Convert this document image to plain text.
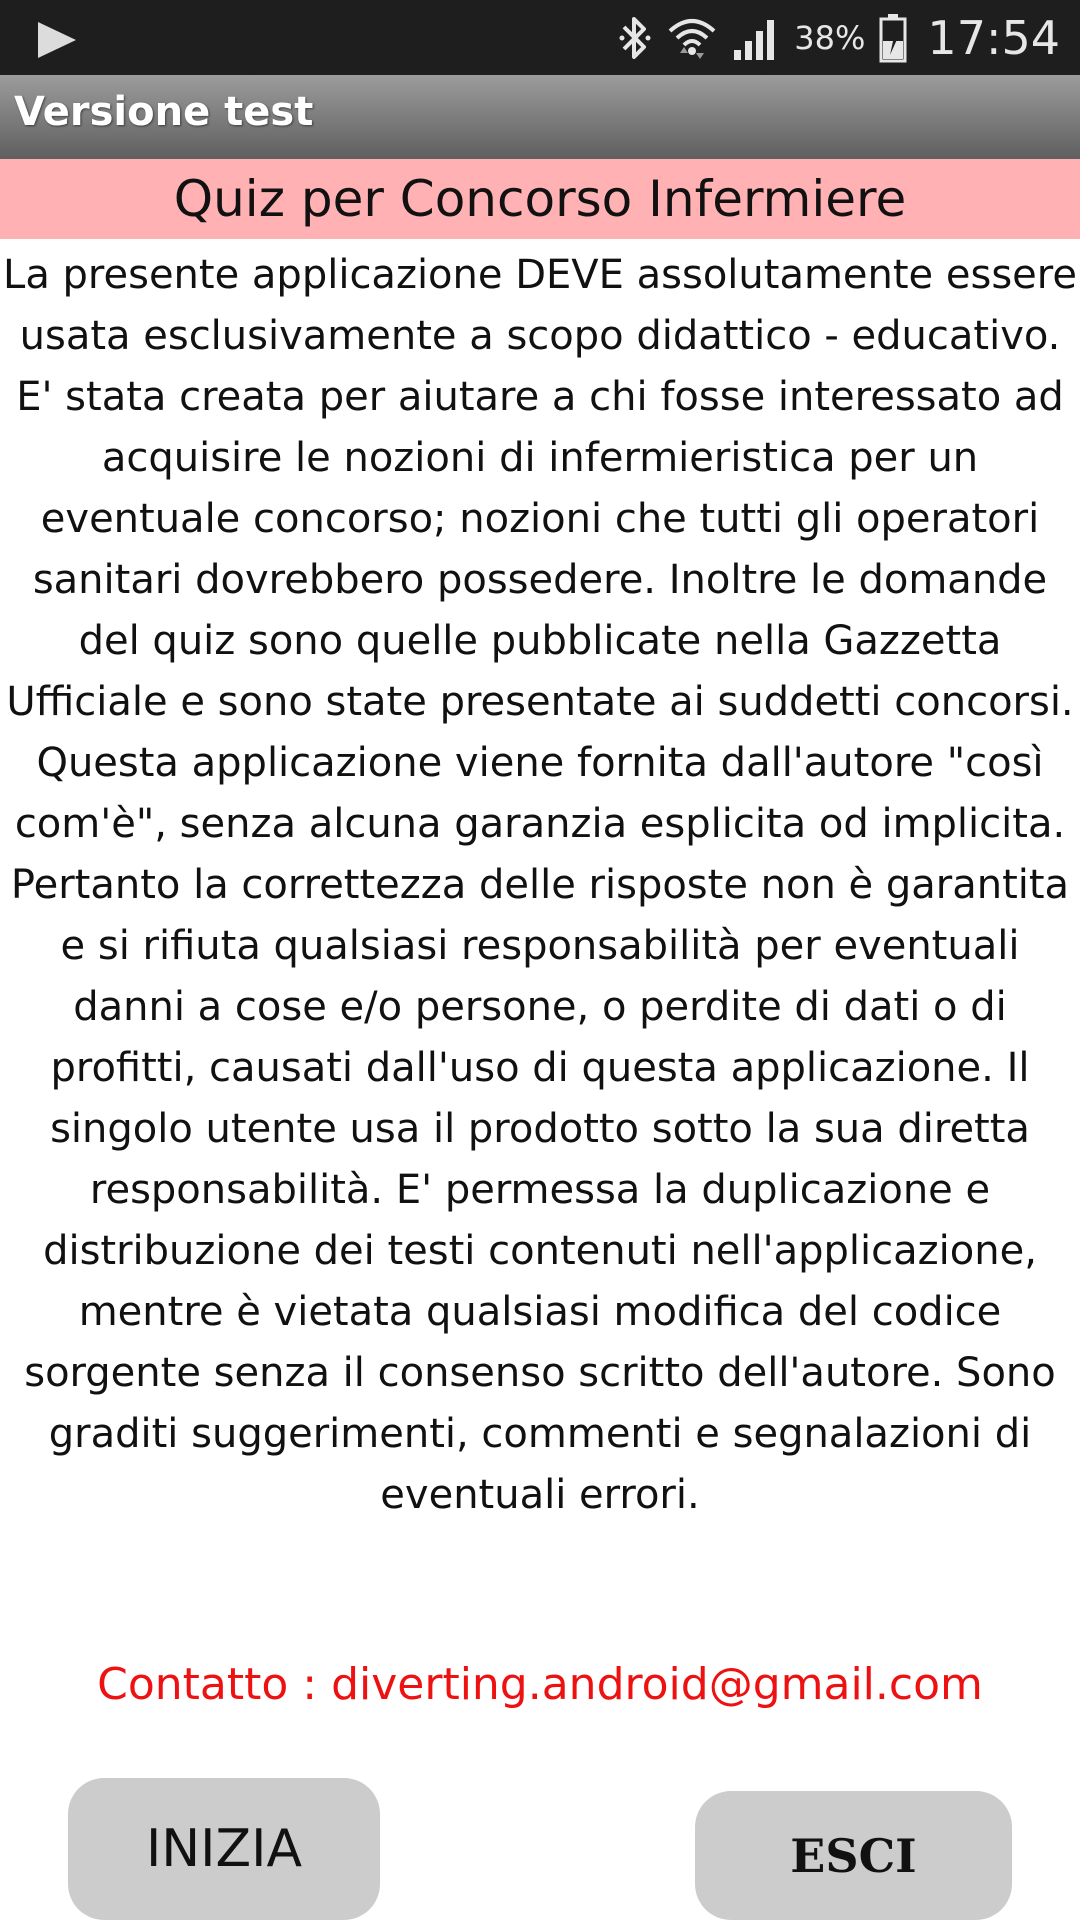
38% 17:54
Versione test
Quiz per Concorso Infermiere

La presente applicazione DEVE assolutamente essere usata esclusivamente a scopo didattico - educativo. E' stata creata per aiutare a chi fosse interessato ad acquisire le nozioni di infermieristica per un eventuale concorso; nozioni che tutti gli operatori sanitari dovrebbero possedere. Inoltre le domande del quiz sono quelle pubblicate nella Gazzetta Ufficiale e sono state presentate ai suddetti concorsi. Questa applicazione viene fornita dall'autore "così com'è", senza alcuna garanzia esplicita od implicita. Pertanto la correttezza delle risposte non è garantita e si rifiuta qualsiasi responsabilità per eventuali danni a cose e/o persone, o perdite di dati o di profitti, causati dall'uso di questa applicazione. Il singolo utente usa il prodotto sotto la sua diretta responsabilità. E' permessa la duplicazione e distribuzione dei testi contenuti nell'applicazione, mentre è vietata qualsiasi modifica del codice sorgente senza il consenso scritto dell'autore. Sono graditi suggerimenti, commenti e segnalazioni di eventuali errori.

Contatto : diverting.android@gmail.com
INIZIA	ESCI
